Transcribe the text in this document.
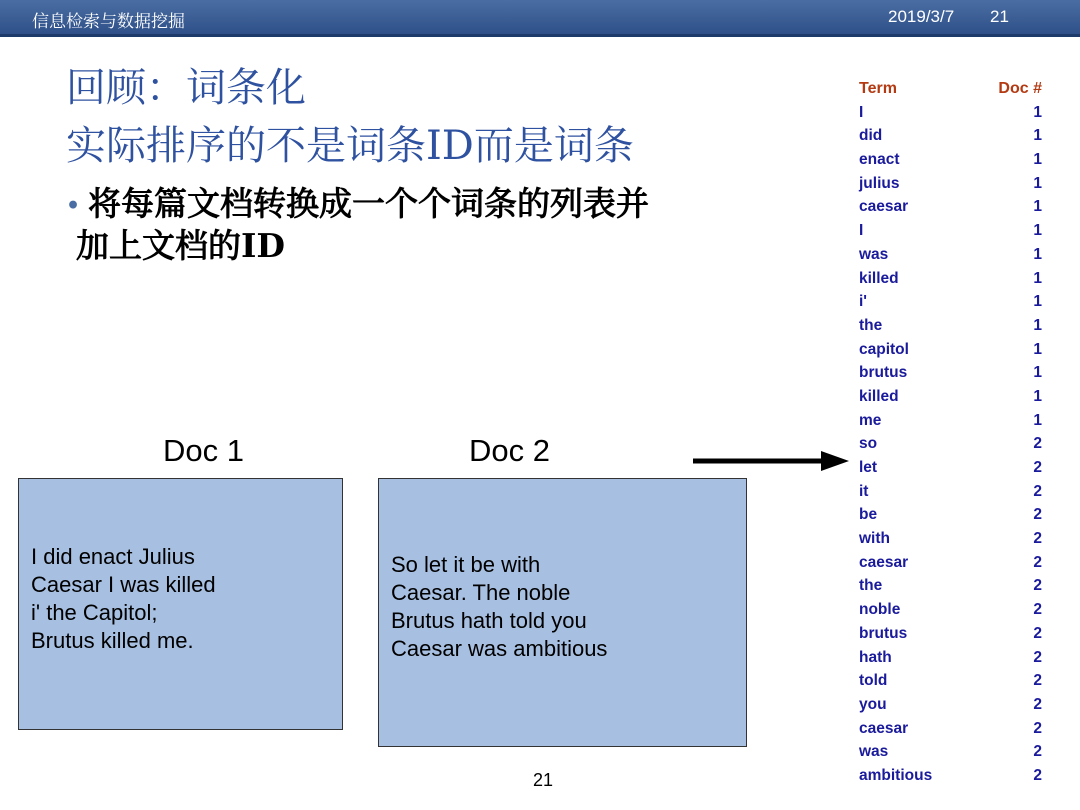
信息检索与数据挖掘	2019/3/7 21
回顾：词条化
实际排序的不是词条ID而是词条
• 将每篇文档转换成一个个词条的列表并
加上文档的ID
Doc 1	Doc 2
I did enact Julius
Caesar I was killed
i' the Capitol;
Brutus killed me.
So let it be with
Caesar. The noble
Brutus hath told you
Caesar was ambitious
Term	Doc #
I	1
did	1
enact	1
julius	1
caesar	1
I	1
was	1
killed	1
i'	1
the	1
capitol	1
brutus	1
killed	1
me	1
so	2
let	2
it	2
be	2
with	2
caesar	2
the	2
noble	2
brutus	2
hath	2
told	2
you	2
caesar	2
was	2
ambitious	2
21
